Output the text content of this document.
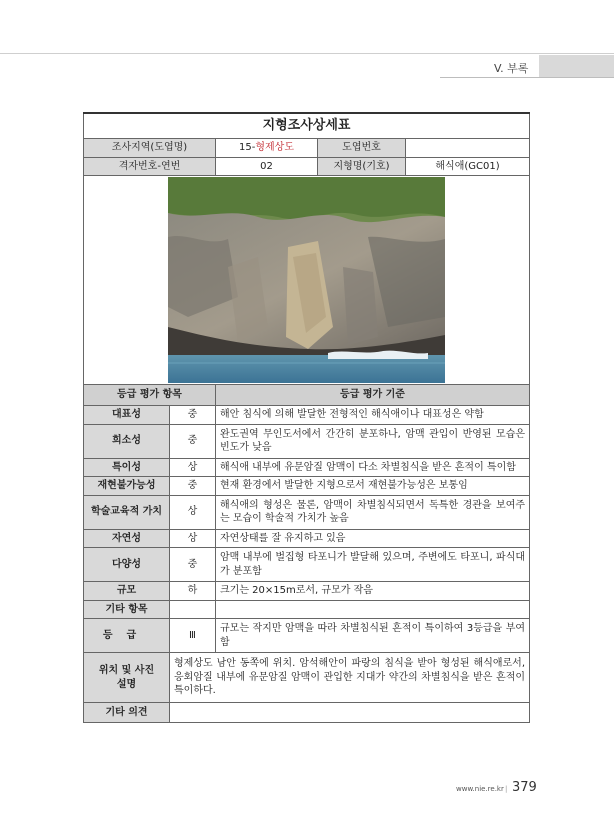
V. 부록
지형조사상세표				
조사지역(도엽명)		15-형제상도	도엽번호	
격자번호-연번		02	지형명(기호)	해식애(GC01)

등급 평가 항목		등급 평가 기준		
대표성	중	해안 침식에 의해 발달한 전형적인 해식애이나 대표성은 약함		
희소성	중	완도권역 무인도서에서 간간히 분포하나, 암맥 관입이 반영된 모습은 빈도가 낮음		
특이성	상	해식애 내부에 유문암질 암맥이 다소 차별침식을 받은 흔적이 특이함		
재현불가능성	중	현재 환경에서 발달한 지형으로서 재현불가능성은 보통임		
학술교육적 가치	상	해식애의 형성은 물론, 암맥이 차별침식되면서 독특한 경관을 보여주는 모습이 학술적 가치가 높음		
자연성	상	자연상태를 잘 유지하고 있음		
다양성	중	암맥 내부에 벌집형 타포니가 발달해 있으며, 주변에도 타포니, 파식대가 분포함		
규모	하	크기는 20×15m로서, 규모가 작음		
기타 항목				
등급	Ⅲ	규모는 작지만 암맥을 따라 차별침식된 흔적이 특이하여 3등급을 부여함		
위치 및 사진 설명	형제상도 남안 동쪽에 위치. 암석해안이 파랑의 침식을 받아 형성된 해식애로서, 응회암질 내부에 유문암질 암맥이 관입한 지대가 약간의 차별침식을 받은 흔적이 특이하다.			
기타 의견				
www.nie.re.kr | 379
